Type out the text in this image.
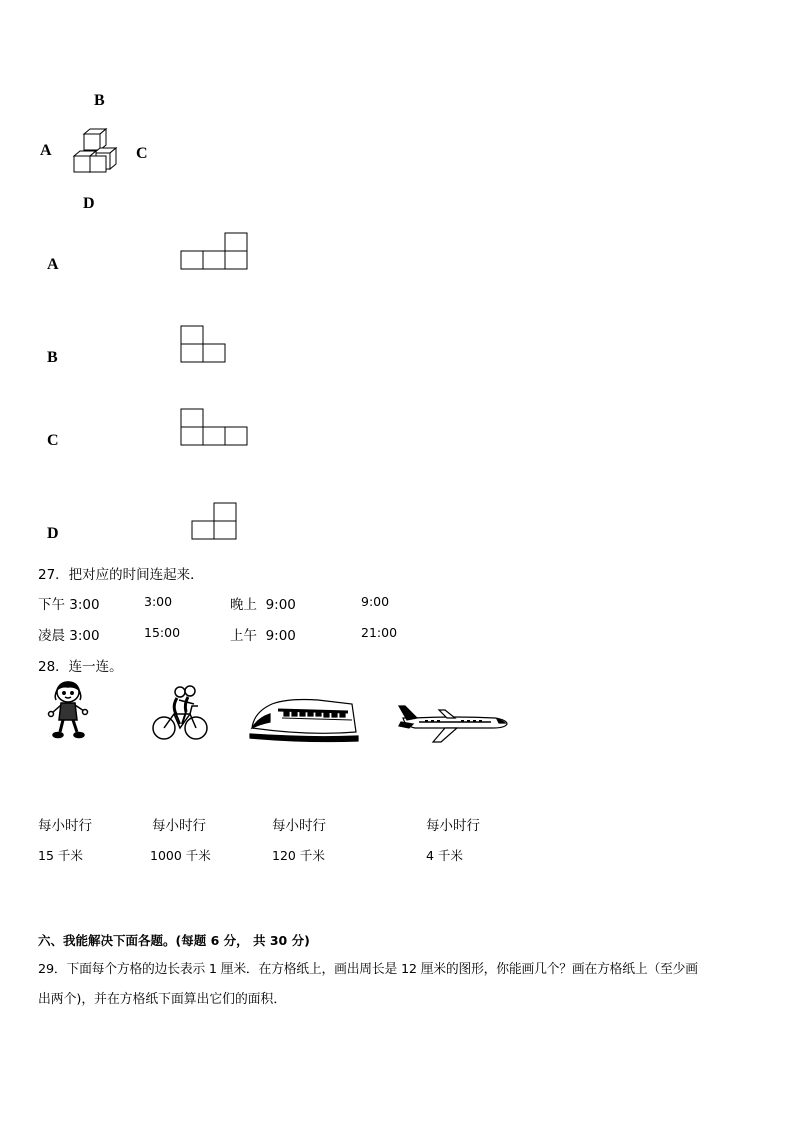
B
A	C
D
A
B
C
D
27．把对应的时间连起来．
下午 3:00	3:00	晚上  9:00	9:00
凌晨 3:00	15:00	上午  9:00	21:00
28．连一连。
每小时行	每小时行	每小时行	每小时行
15 千米	1000 千米	120 千米	4 千米
六、我能解决下面各题。(每题 6 分， 共 30 分)
29．下面每个方格的边长表示 1 厘米．在方格纸上，画出周长是 12 厘米的图形，你能画几个？画在方格纸上（至少画
出两个)，并在方格纸下面算出它们的面积．
